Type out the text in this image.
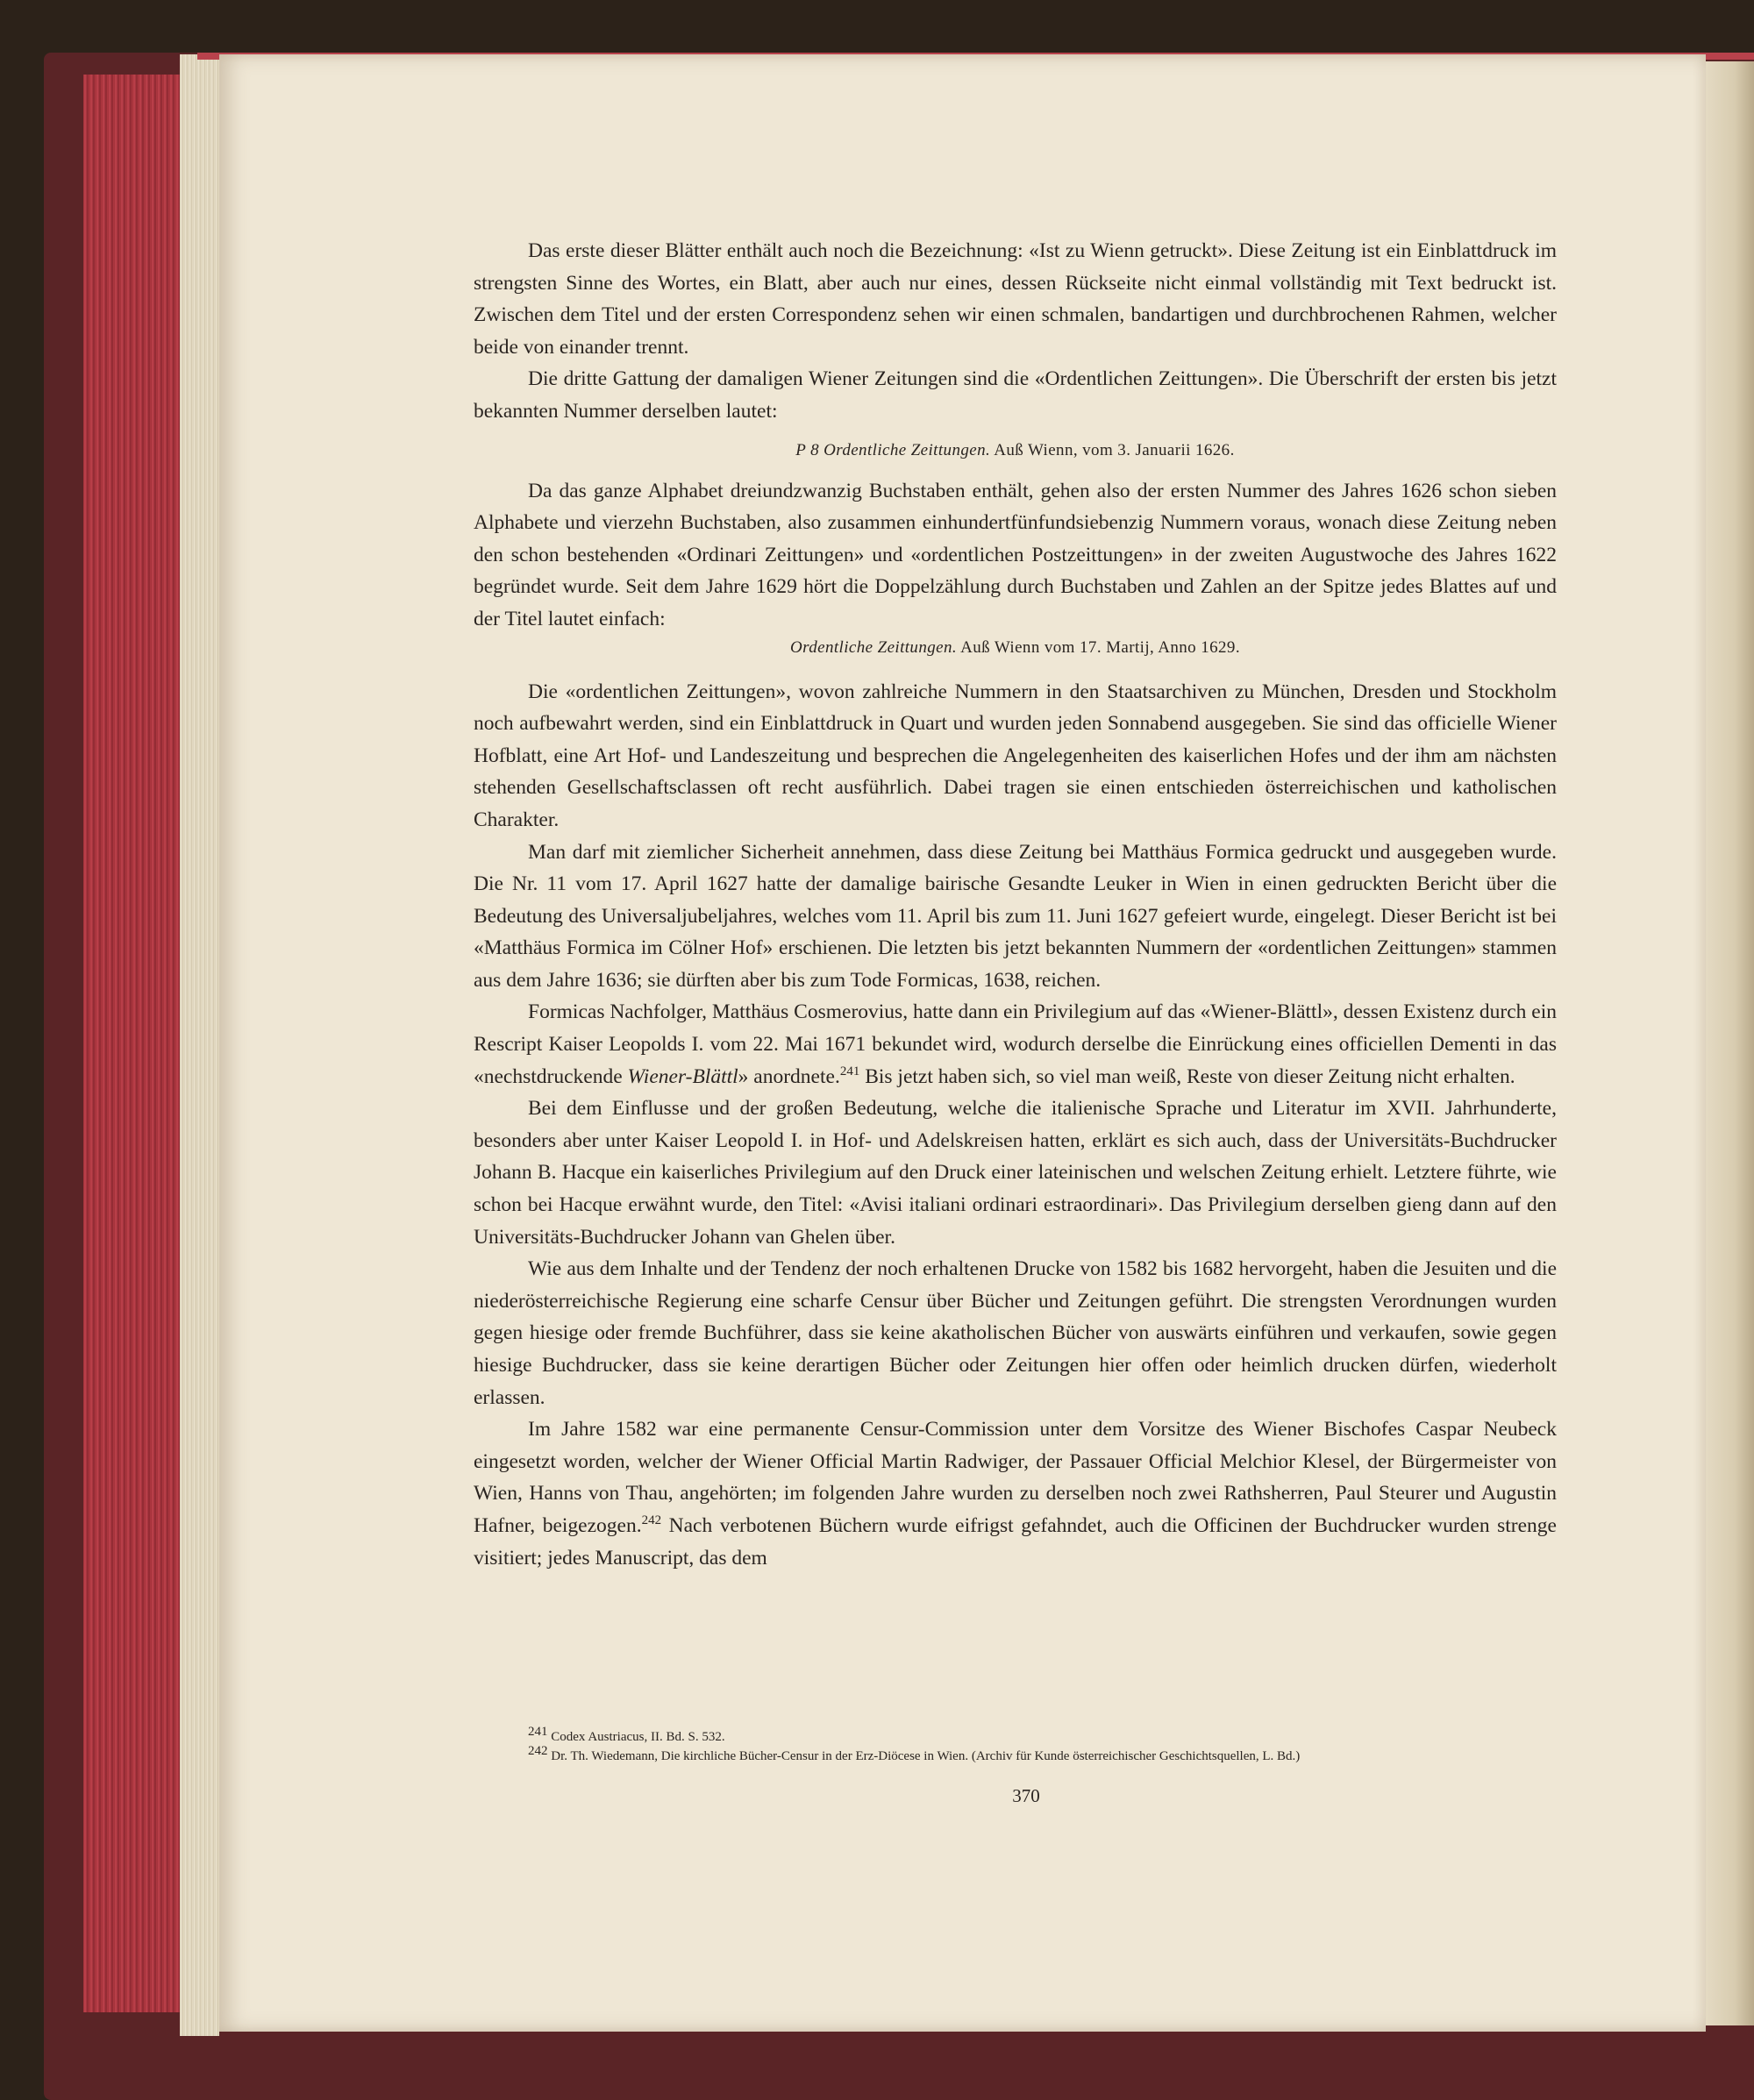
Das erste dieser Blätter enthält auch noch die Bezeichnung: «Ist zu Wienn getruckt». Diese Zeitung ist ein Einblattdruck im strengsten Sinne des Wortes, ein Blatt, aber auch nur eines, dessen Rückseite nicht einmal vollständig mit Text bedruckt ist. Zwischen dem Titel und der ersten Correspondenz sehen wir einen schmalen, bandartigen und durchbrochenen Rahmen, welcher beide von einander trennt.

Die dritte Gattung der damaligen Wiener Zeitungen sind die «Ordentlichen Zeittungen». Die Überschrift der ersten bis jetzt bekannten Nummer derselben lautet:

P 8 Ordentliche Zeittungen. Auß Wienn, vom 3. Januarii 1626.

Da das ganze Alphabet dreiundzwanzig Buchstaben enthält, gehen also der ersten Nummer des Jahres 1626 schon sieben Alphabete und vierzehn Buchstaben, also zusammen einhundertfünfundsiebenzig Nummern voraus, wonach diese Zeitung neben den schon bestehenden «Ordinari Zeittungen» und «ordentlichen Postzeittungen» in der zweiten Augustwoche des Jahres 1622 begründet wurde. Seit dem Jahre 1629 hört die Doppelzählung durch Buchstaben und Zahlen an der Spitze jedes Blattes auf und der Titel lautet einfach:

Ordentliche Zeittungen. Auß Wienn vom 17. Martij, Anno 1629.

Die «ordentlichen Zeittungen», wovon zahlreiche Nummern in den Staatsarchiven zu München, Dresden und Stockholm noch aufbewahrt werden, sind ein Einblattdruck in Quart und wurden jeden Sonnabend ausgegeben. Sie sind das officielle Wiener Hofblatt, eine Art Hof- und Landeszeitung und besprechen die Angelegenheiten des kaiserlichen Hofes und der ihm am nächsten stehenden Gesellschaftsclassen oft recht ausführlich. Dabei tragen sie einen entschieden österreichischen und katholischen Charakter.

Man darf mit ziemlicher Sicherheit annehmen, dass diese Zeitung bei Matthäus Formica gedruckt und ausgegeben wurde. Die Nr. 11 vom 17. April 1627 hatte der damalige bairische Gesandte Leuker in Wien in einen gedruckten Bericht über die Bedeutung des Universaljubeljahres, welches vom 11. April bis zum 11. Juni 1627 gefeiert wurde, eingelegt. Dieser Bericht ist bei «Matthäus Formica im Cölner Hof» erschienen. Die letzten bis jetzt bekannten Nummern der «ordentlichen Zeittungen» stammen aus dem Jahre 1636; sie dürften aber bis zum Tode Formicas, 1638, reichen.

Formicas Nachfolger, Matthäus Cosmerovius, hatte dann ein Privilegium auf das «Wiener-Blättl», dessen Existenz durch ein Rescript Kaiser Leopolds I. vom 22. Mai 1671 bekundet wird, wodurch derselbe die Einrückung eines officiellen Dementi in das «nechstdruckende Wiener-Blättl» anordnete.$^{241}$ Bis jetzt haben sich, so viel man weiß, Reste von dieser Zeitung nicht erhalten.

Bei dem Einflusse und der großen Bedeutung, welche die italienische Sprache und Literatur im XVII. Jahrhunderte, besonders aber unter Kaiser Leopold I. in Hof- und Adelskreisen hatten, erklärt es sich auch, dass der Universitäts-Buchdrucker Johann B. Hacque ein kaiserliches Privilegium auf den Druck einer lateinischen und welschen Zeitung erhielt. Letztere führte, wie schon bei Hacque erwähnt wurde, den Titel: «Avisi italiani ordinari estraordinari». Das Privilegium derselben gieng dann auf den Universitäts-Buchdrucker Johann van Ghelen über.

Wie aus dem Inhalte und der Tendenz der noch erhaltenen Drucke von 1582 bis 1682 hervorgeht, haben die Jesuiten und die niederösterreichische Regierung eine scharfe Censur über Bücher und Zeitungen geführt. Die strengsten Verordnungen wurden gegen hiesige oder fremde Buchführer, dass sie keine akatholischen Bücher von auswärts einführen und verkaufen, sowie gegen hiesige Buchdrucker, dass sie keine derartigen Bücher oder Zeitungen hier offen oder heimlich drucken dürfen, wiederholt erlassen.

Im Jahre 1582 war eine permanente Censur-Commission unter dem Vorsitze des Wiener Bischofes Caspar Neubeck eingesetzt worden, welcher der Wiener Official Martin Radwiger, der Passauer Official Melchior Klesel, der Bürgermeister von Wien, Hanns von Thau, angehörten; im folgenden Jahre wurden zu derselben noch zwei Rathsherren, Paul Steurer und Augustin Hafner, beigezogen.$^{242}$ Nach verbotenen Büchern wurde eifrigst gefahndet, auch die Officinen der Buchdrucker wurden strenge visitiert; jedes Manuscript, das dem

$^{241}$ Codex Austriacus, II. Bd. S. 532.
$^{242}$ Dr. Th. Wiedemann, Die kirchliche Bücher-Censur in der Erz-Diöcese in Wien. (Archiv für Kunde österreichischer Geschichtsquellen, L. Bd.)
370
